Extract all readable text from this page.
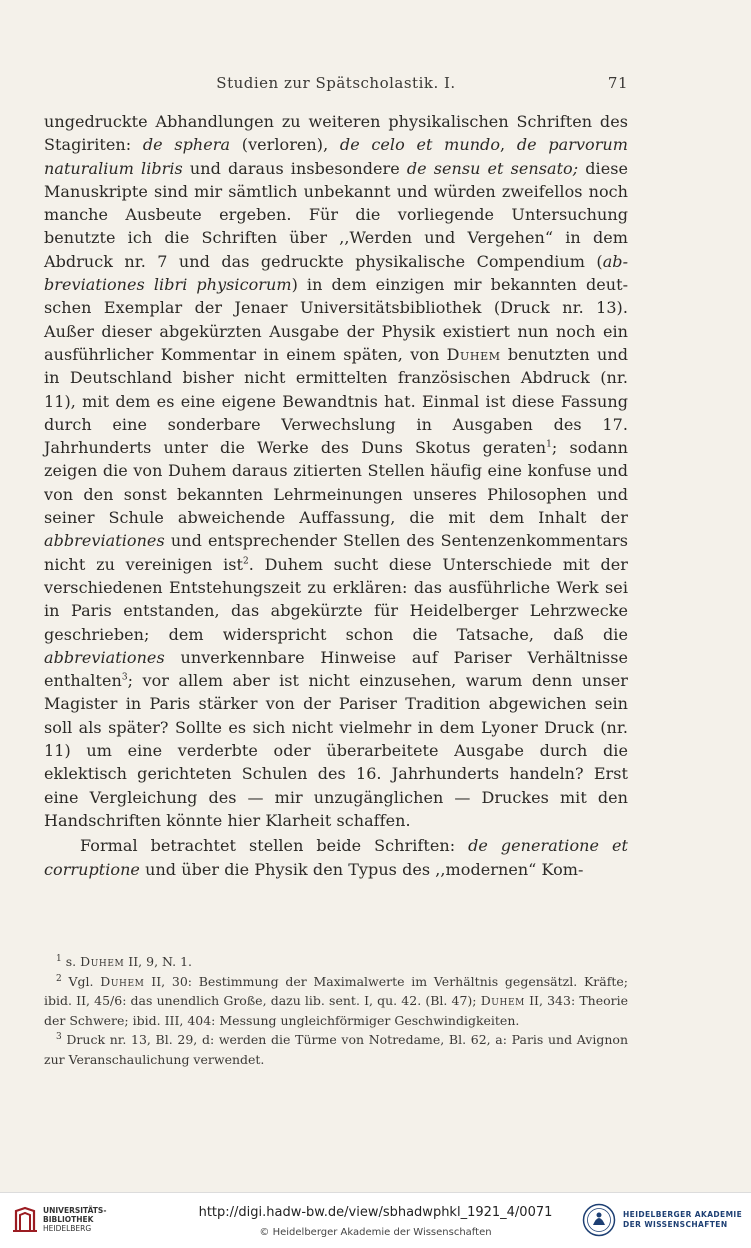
Studien zur Spätscholastik. I.	71

ungedruckte Abhandlungen zu weiteren physikalischen Schriften des Stagiriten: de sphera (verloren), de celo et mundo, de parvorum naturalium libris und daraus insbesondere de sensu et sensato; diese Manuskripte sind mir sämtlich unbekannt und würden zweifellos noch manche Ausbeute ergeben. Für die vorliegende Untersuchung benutzte ich die Schriften über ,,Werden und Vergehen“ in dem Abdruck nr. 7 und das gedruckte physikalische Compendium (abbreviationes libri physicorum) in dem einzigen mir bekannten deutschen Exemplar der Jenaer Universitätsbibliothek (Druck nr. 13). Außer dieser abgekürzten Ausgabe der Physik existiert nun noch ein ausführlicher Kommentar in einem späten, von Duhem benutzten und in Deutschland bisher nicht ermittelten französischen Abdruck (nr. 11), mit dem es eine eigene Bewandtnis hat. Einmal ist diese Fassung durch eine sonderbare Verwechslung in Ausgaben des 17. Jahrhunderts unter die Werke des Duns Skotus geraten$^1$; sodann zeigen die von Duhem daraus zitierten Stellen häufig eine konfuse und von den sonst bekannten Lehrmeinungen unseres Philosophen und seiner Schule abweichende Auffassung, die mit dem Inhalt der abbreviationes und entsprechender Stellen des Sentenzenkommentars nicht zu vereinigen ist$^2$. Duhem sucht diese Unterschiede mit der verschiedenen Entstehungszeit zu erklären: das ausführliche Werk sei in Paris entstanden, das abgekürzte für Heidelberger Lehrzwecke geschrieben; dem widerspricht schon die Tatsache, daß die abbreviationes unverkennbare Hinweise auf Pariser Verhältnisse enthalten$^3$; vor allem aber ist nicht einzusehen, warum denn unser Magister in Paris stärker von der Pariser Tradition abgewichen sein soll als später? Sollte es sich nicht vielmehr in dem Lyoner Druck (nr. 11) um eine verderbte oder überarbeitete Ausgabe durch die eklektisch gerichteten Schulen des 16. Jahrhunderts handeln? Erst eine Vergleichung des — mir unzugänglichen — Druckes mit den Handschriften könnte hier Klarheit schaffen.

Formal betrachtet stellen beide Schriften: de generatione et corruptione und über die Physik den Typus des ,,modernen“ Kom-

$^1$ s. Duhem II, 9, N. 1.

$^2$ Vgl. Duhem II, 30: Bestimmung der Maximalwerte im Verhältnis gegensätzl. Kräfte; ibid. II, 45/6: das unendlich Große, dazu lib. sent. I, qu. 42. (Bl. 47); Duhem II, 343: Theorie der Schwere; ibid. III, 404: Messung ungleichförmiger Geschwindigkeiten.

$^3$ Druck nr. 13, Bl. 29, d: werden die Türme von Notredame, Bl. 62, a: Paris und Avignon zur Veranschaulichung verwendet.

UNIVERSITÄTS-
BIBLIOTHEK
HEIDELBERG
http://digi.hadw-bw.de/view/sbhadwphkl_1921_4/0071
© Heidelberger Akademie der Wissenschaften
HEIDELBERGER AKADEMIE
DER WISSENSCHAFTEN
